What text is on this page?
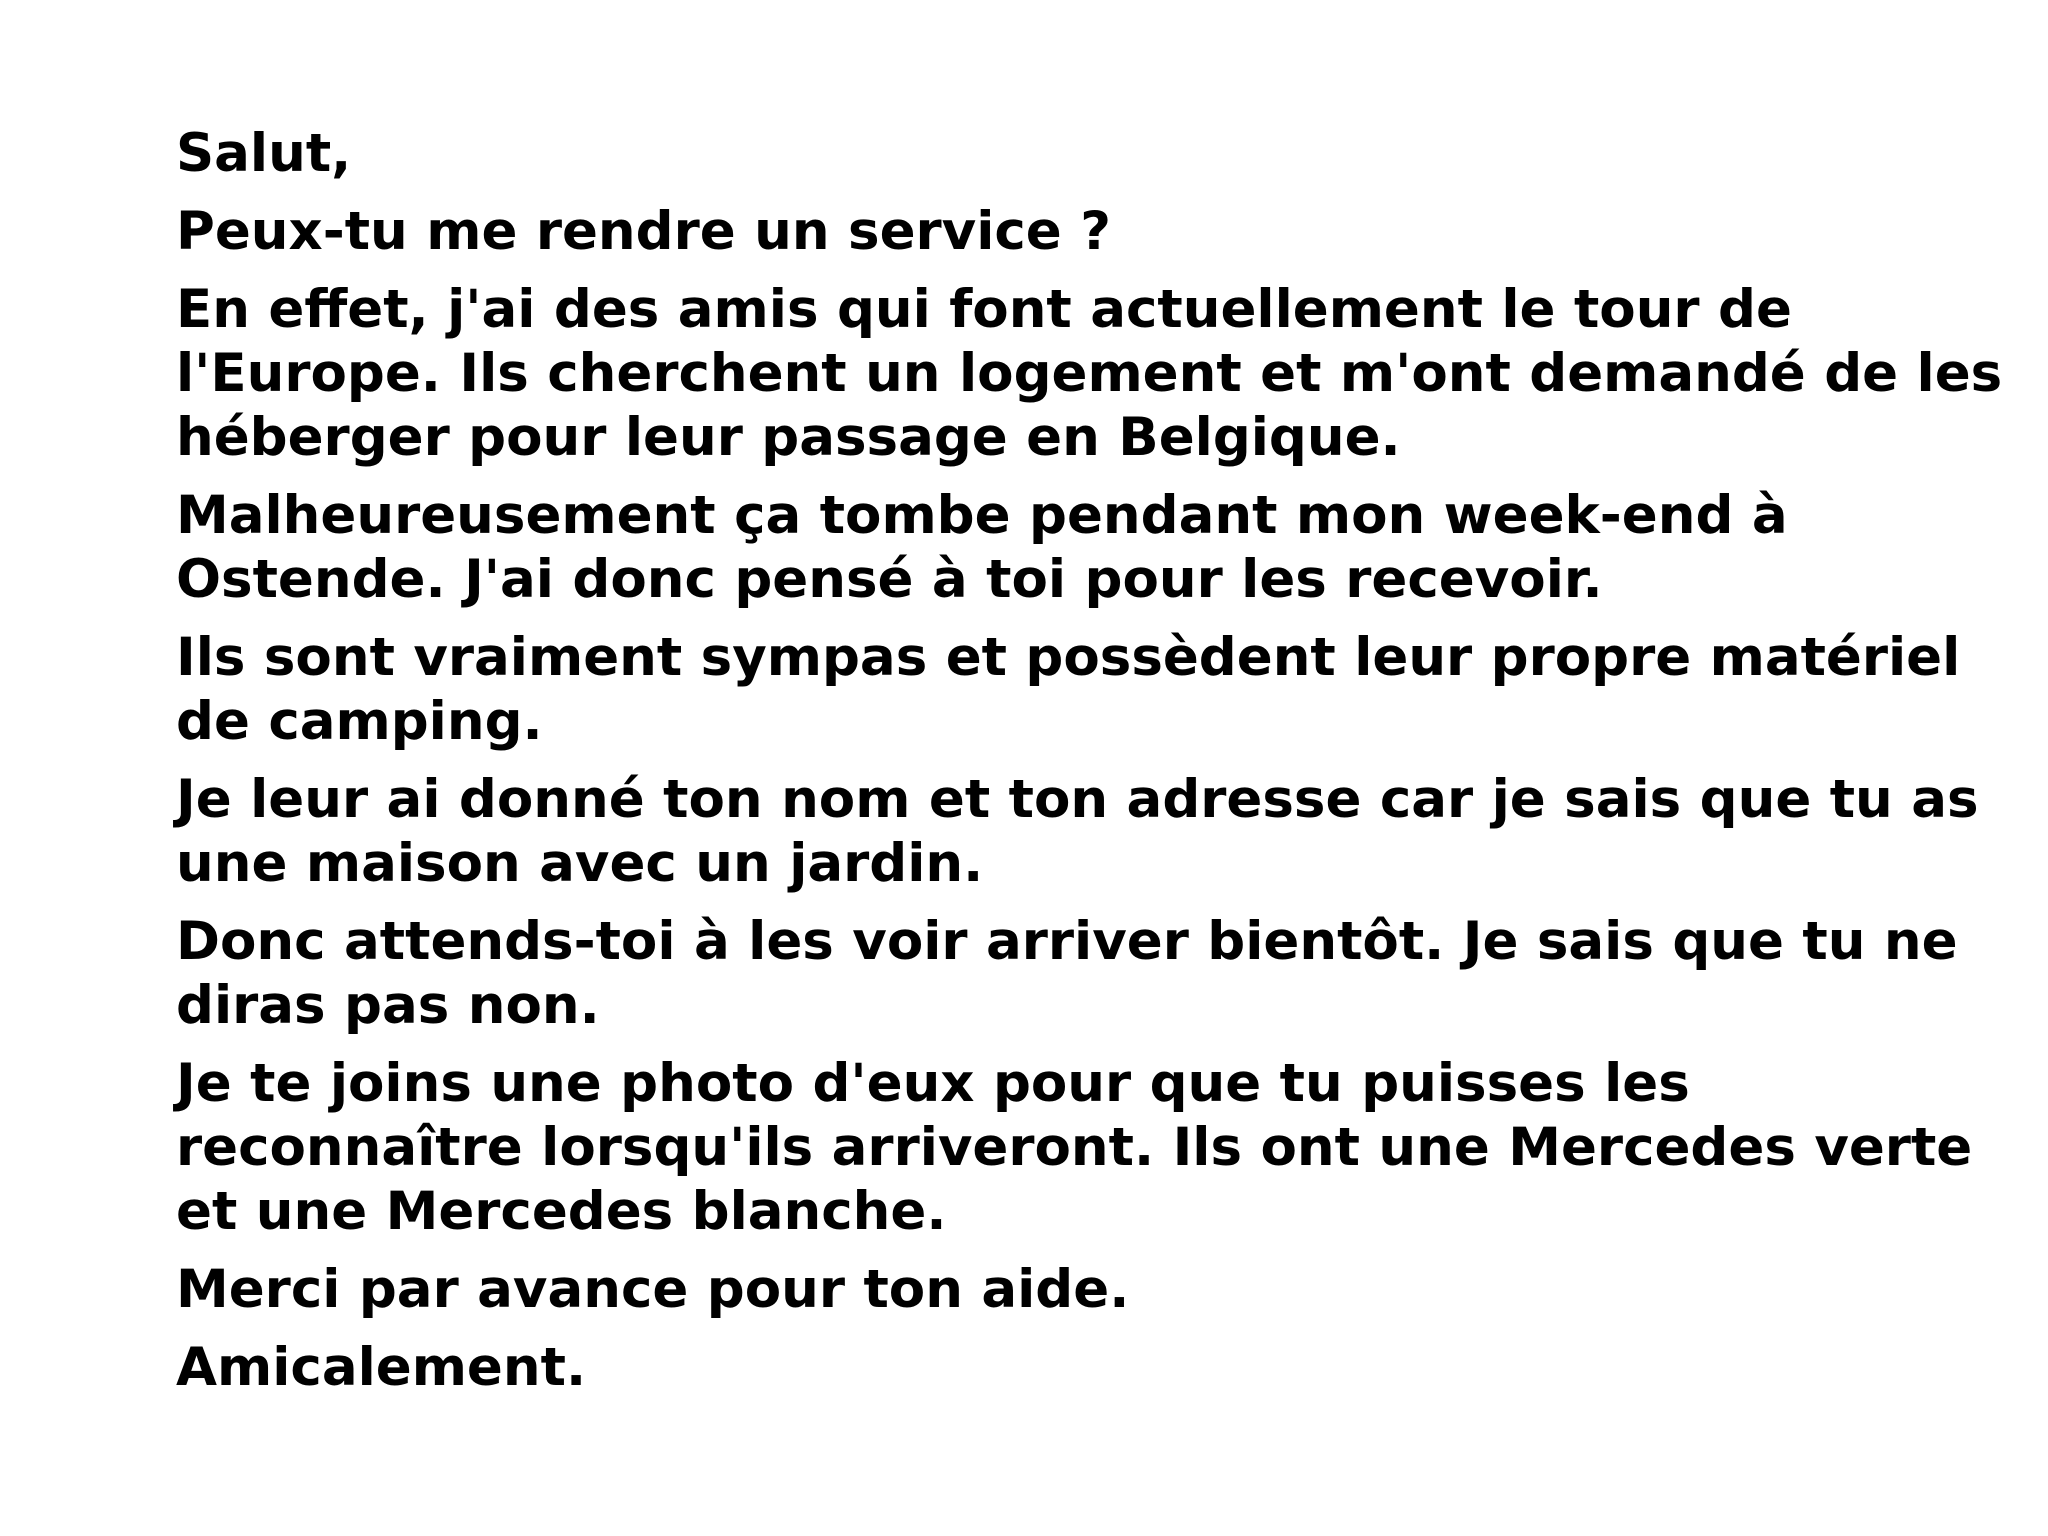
Salut,
Peux-tu me rendre un service ?
En effet, j'ai des amis qui font actuellement le tour de
l'Europe. Ils cherchent un logement et m'ont demandé de les
héberger pour leur passage en Belgique.
Malheureusement ça tombe pendant mon week-end à
Ostende. J'ai donc pensé à toi pour les recevoir.
Ils sont vraiment sympas et possèdent leur propre matériel
de camping.
Je leur ai donné ton nom et ton adresse car je sais que tu as
une maison avec un jardin.
Donc attends-toi à les voir arriver bientôt. Je sais que tu ne
diras pas non.
Je te joins une photo d'eux pour que tu puisses les
reconnaître lorsqu'ils arriveront. Ils ont une Mercedes verte
et une Mercedes blanche.
Merci par avance pour ton aide.
Amicalement.
